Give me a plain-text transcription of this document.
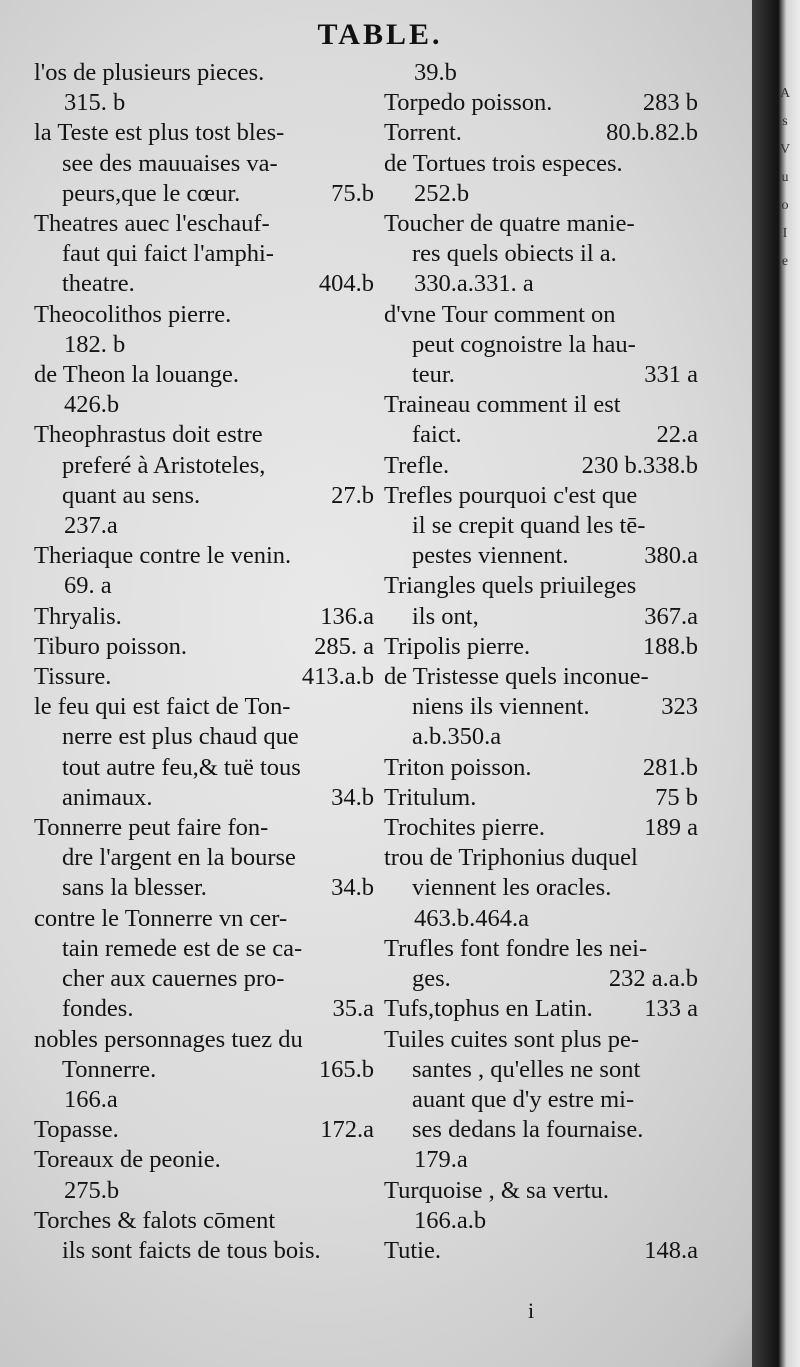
TABLE.
l'os de plusieurs pieces.
315. b
la Teste est plus tost bles-
see des mauuaises va-
75.b
peurs,que le cœur.
Theatres auec l'eschauf-
faut qui faict l'amphi-
404.b
theatre.
Theocolithos pierre.
182. b
de Theon la louange.
426.b
Theophrastus doit estre
preferé à Aristoteles,
27.b
quant au sens.
237.a
Theriaque contre le venin.
69. a
136.a
Thryalis.
285. a
Tiburo poisson.
413.a.b
Tissure.
le feu qui est faict de Ton-
nerre est plus chaud que
tout autre feu,& tuë tous
34.b
animaux.
Tonnerre peut faire fon-
dre l'argent en la bourse
34.b
sans la blesser.
contre le Tonnerre vn cer-
tain remede est de se ca-
cher aux cauernes pro-
35.a
fondes.
nobles personnages tuez du
165.b
Tonnerre.
166.a
172.a
Topasse.
Toreaux de peonie.
275.b
Torches & falots cōment
ils sont faicts de tous bois.
39.b
283 b
Torpedo poisson.
80.b.82.b
Torrent.
de Tortues trois especes.
252.b
Toucher de quatre manie-
res quels obiects il a.
330.a.331. a
d'vne Tour comment on
peut cognoistre la hau-
331 a
teur.
Traineau comment il est
22.a
faict.
230 b.338.b
Trefle.
Trefles pourquoi c'est que
il se crepit quand les tē-
380.a
pestes viennent.
Triangles quels priuileges
367.a
ils ont,
188.b
Tripolis pierre.
de Tristesse quels inconue-
323
niens ils viennent.
a.b.350.a
281.b
Triton poisson.
75 b
Tritulum.
189 a
Trochites pierre.
trou de Triphonius duquel
viennent les oracles.
463.b.464.a
Trufles font fondre les nei-
232 a.a.b
ges.
133 a
Tufs,tophus en Latin.
Tuiles cuites sont plus pe-
santes , qu'elles ne sont
auant que d'y estre mi-
ses dedans la fournaise.
179.a
Turquoise , & sa vertu.
166.a.b
148.a
Tutie.
i
A
s
V
u
o
I
e
